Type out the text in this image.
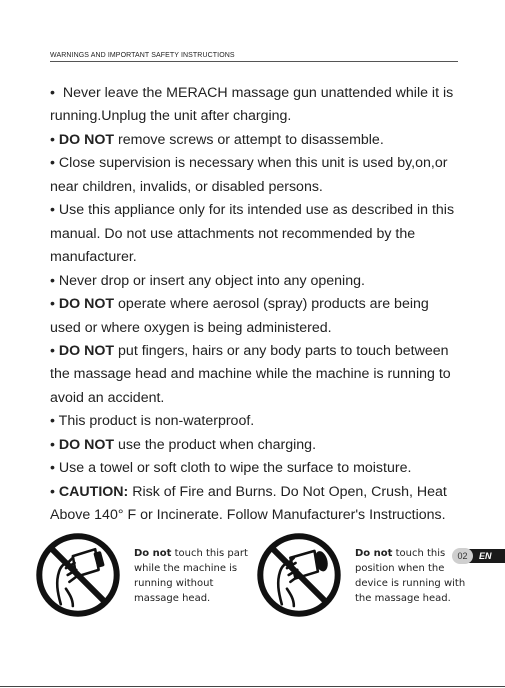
WARNINGS AND IMPORTANT SAFETY INSTRUCTIONS

• Never leave the MERACH massage gun unattended while it is running.Unplug the unit after charging.

• DO NOT remove screws or attempt to disassemble.

• Close supervision is necessary when this unit is used by,on,or near children, invalids, or disabled persons.

• Use this appliance only for its intended use as described in this manual. Do not use attachments not recommended by the manufacturer.

• Never drop or insert any object into any opening.

• DO NOT operate where aerosol (spray) products are being used or where oxygen is being administered.

• DO NOT put fingers, hairs or any body parts to touch between the massage head and machine while the machine is running to avoid an accident.

• This product is non-waterproof.

• DO NOT use the product when charging.

• Use a towel or soft cloth to wipe the surface to moisture.

• CAUTION: Risk of Fire and Burns. Do Not Open, Crush, Heat Above 140° F or Incinerate. Follow Manufacturer's Instructions.

Do not touch this part while the machine is running without massage head.
Do not touch this position when the device is running with the massage head.
02	EN
